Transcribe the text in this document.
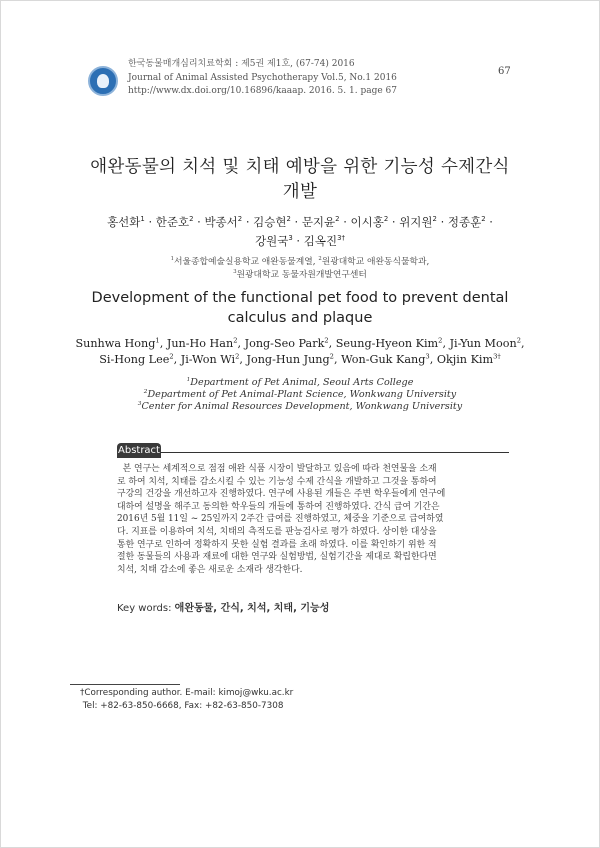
한국동물매개심리치료학회 : 제5권 제1호, (67-74) 2016
Journal of Animal Assisted Psychotherapy Vol.5, No.1 2016
http://www.dx.doi.org/10.16896/kaaap. 2016. 5. 1. page 67
67
애완동물의 치석 및 치태 예방을 위한 기능성 수제간식
개발
홍선화$^1$ · 한준호$^2$ · 박종서$^2$ · 김승현$^2$ · 문지윤$^2$ · 이시홍$^2$ · 위지원$^2$ · 정종훈$^2$ ·
강원국$^3$ · 김옥진$^{3\dagger}$
$^1$서울종합예술실용학교 애완동물계열, $^2$원광대학교 애완동식물학과,
$^3$원광대학교 동물자원개발연구센터
Development of the functional pet food to prevent dental
calculus and plaque
Sunhwa Hong$^1$, Jun-Ho Han$^2$, Jong-Seo Park$^2$, Seung-Hyeon Kim$^2$, Ji-Yun Moon$^2$,
Si-Hong Lee$^2$, Ji-Won Wi$^2$, Jong-Hun Jung$^2$, Won-Guk Kang$^3$, Okjin Kim$^{3\dagger}$
$^1$Department of Pet Animal, Seoul Arts College
$^2$Department of Pet Animal-Plant Science, Wonkwang University
$^3$Center for Animal Resources Development, Wonkwang University
Abstract
본 연구는 세계적으로 점점 애완 식품 시장이 발달하고 있음에 따라 천연물을 소재
로 하여 치석, 치태를 감소시킬 수 있는 기능성 수제 간식을 개발하고 그것을 통하여
구강의 건강을 개선하고자 진행하였다. 연구에 사용된 개들은 주변 학우들에게 연구에
대하여 설명을 해주고 동의한 학우들의 개들에 통하여 진행하였다. 간식 급여 기간은
2016년 5월 11일 ~ 25일까지 2주간 급여를 진행하였고, 체중을 기준으로 급여하였
다. 지표를 이용하여 치석, 치태의 측적도를 판능검사로 평가 하였다. 상이한 대상을
통한 연구로 인하여 정확하지 못한 실험 결과를 초래 하였다. 이를 확인하기 위한 적
절한 동물들의 사용과 재료에 대한 연구와 실험방법, 실험기간을 제대로 확립한다면
치석, 치태 감소에 좋은 새로운 소재라 생각한다.
Key words: 애완동물, 간식, 치석, 치태, 기능성
†Corresponding author. E-mail: kimoj@wku.ac.kr
Tel: +82-63-850-6668, Fax: +82-63-850-7308
